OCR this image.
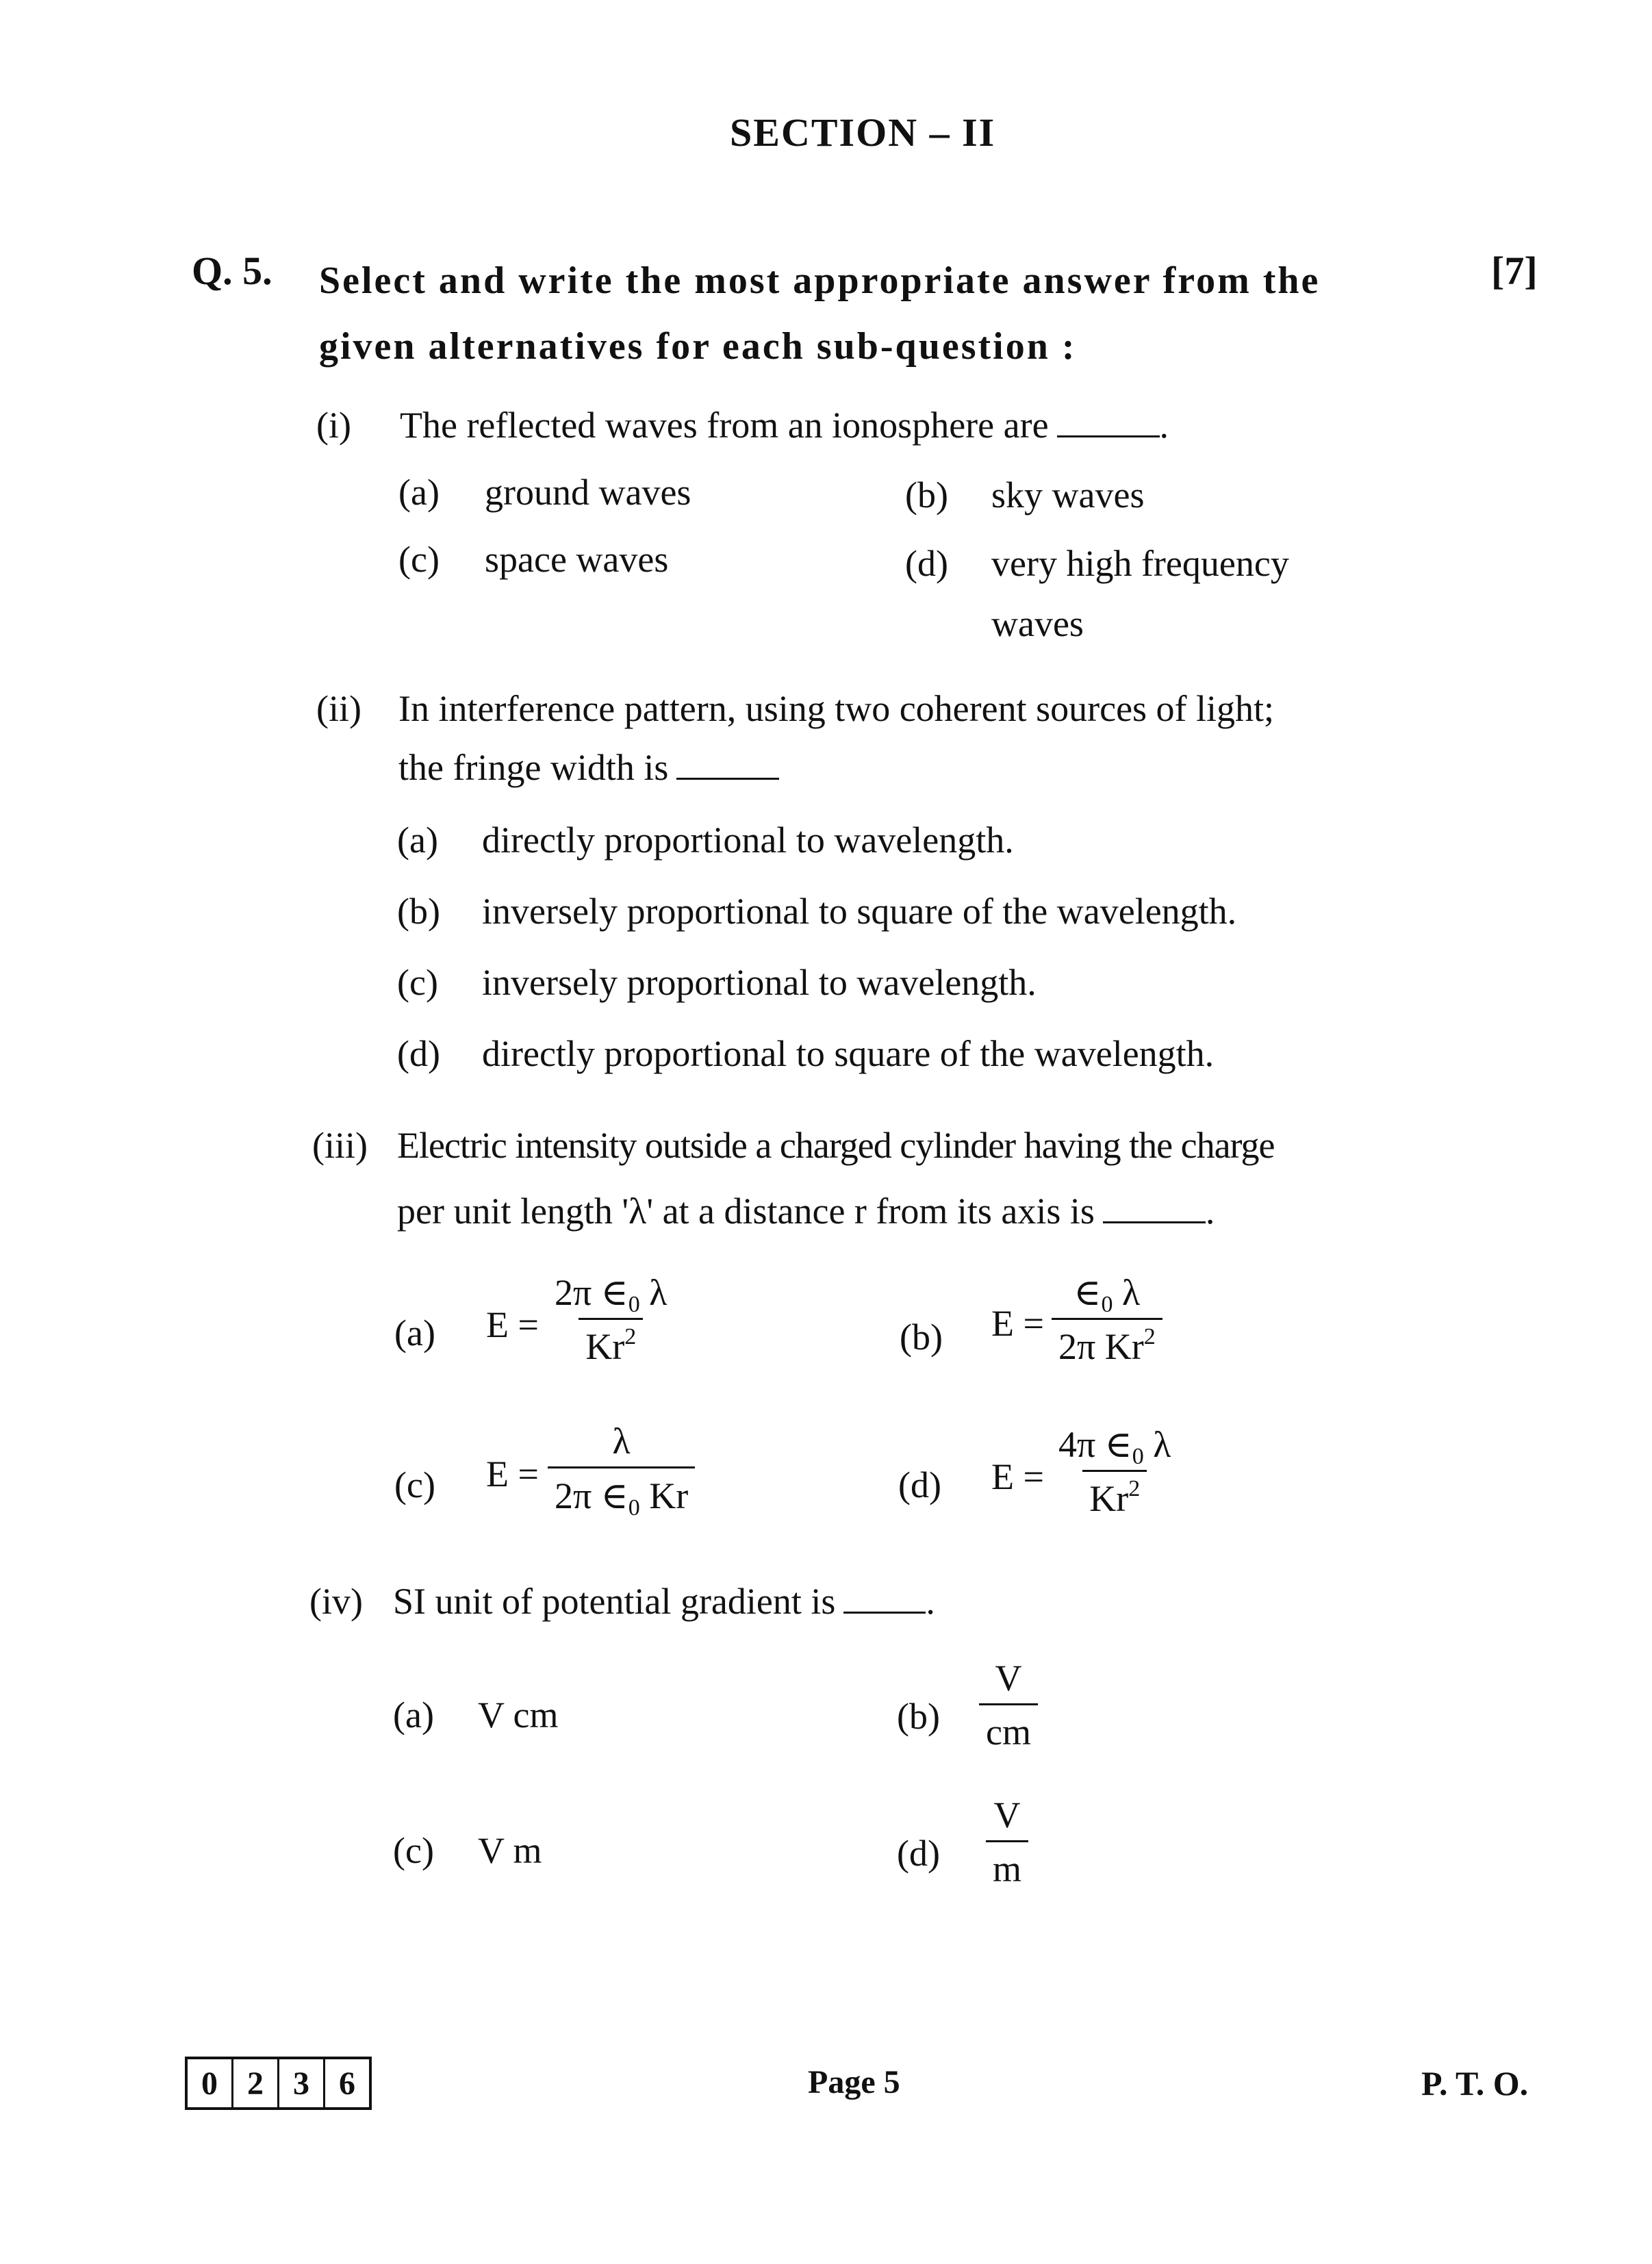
SECTION – II
Q. 5. Select and write the most appropriate answer from the
given alternatives for each sub-question :
[7]
(i) The reflected waves from an ionosphere are	.
(a) ground waves	(b) sky waves
(c) space waves	(d) very high frequency
waves
(ii) In interference pattern, using two coherent sources of light;
the fringe width is
(a) directly proportional to wavelength.
(b) inversely proportional to square of the wavelength.
(c) inversely proportional to wavelength.
(d) directly proportional to square of the wavelength.
(iii) Electric intensity outside a charged cylinder having the charge
per unit length 'λ' at a distance r from its axis is	.
(a) $E = \frac{2\pi \in_0 \lambda}{Kr^2}$	(b) $E = \frac{\in_0 \lambda}{2\pi Kr^2}$
(c) $E = \frac{\lambda}{2\pi \in_0 Kr}$	(d) $E = \frac{4\pi \in_0 \lambda}{Kr^2}$
(iv) SI unit of potential gradient is .
(a) V cm	$(b) \frac{V}{cm}$
(c) V m	$(d) \frac{V}{m}$
0 2 3 6	Page 5	P. T. O.
